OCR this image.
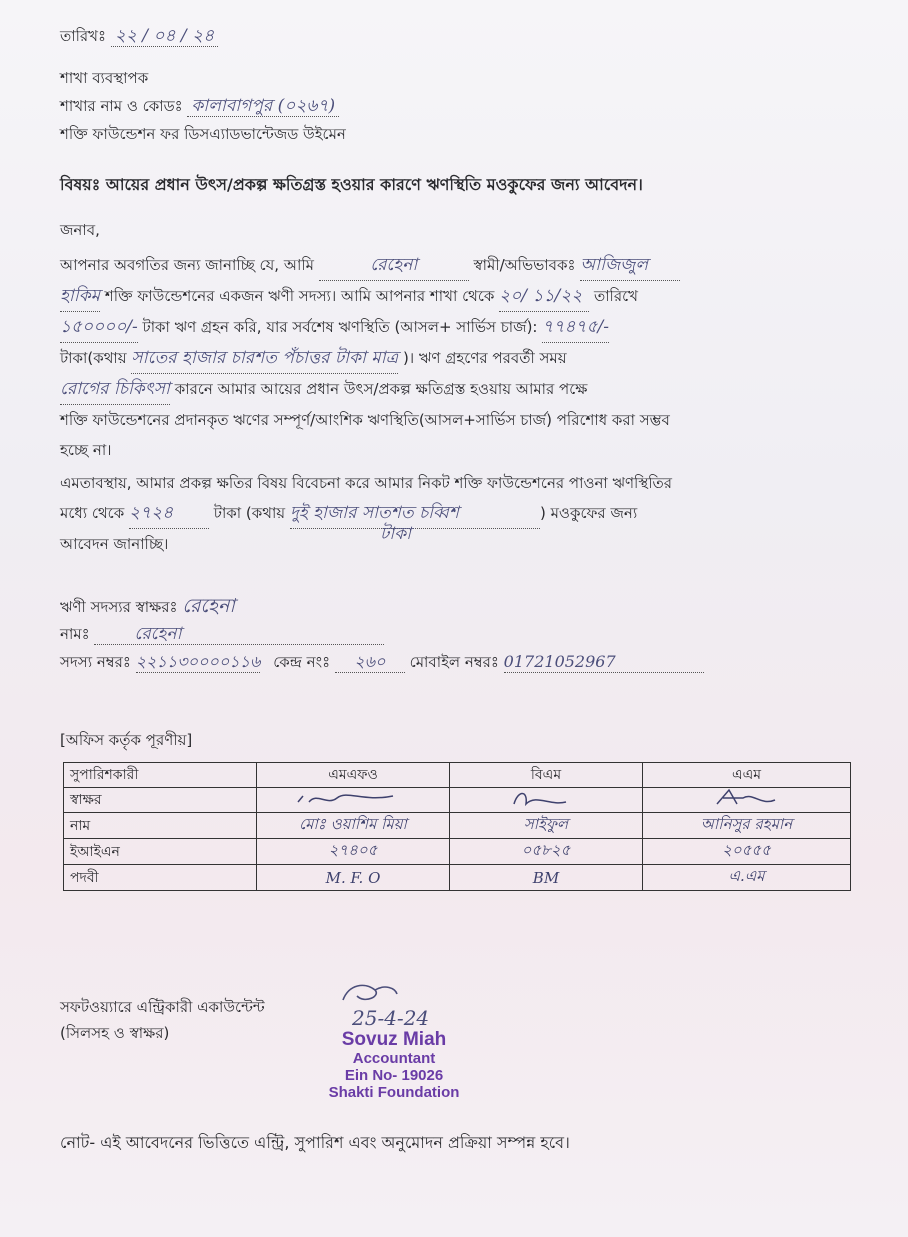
তারিখঃ ২২ / ০৪ / ২৪
শাখা ব্যবস্থাপক
শাখার নাম ও কোডঃ কালাবাগপুর (০২৬৭)
শক্তি ফাউন্ডেশন ফর ডিসএ্যাডভান্টেজড উইমেন
বিষয়ঃ আয়ের প্রধান উৎস/প্রকল্প ক্ষতিগ্রস্ত হওয়ার কারণে ঋণস্থিতি মওকুফের জন্য আবেদন।
জনাব,
আপনার অবগতির জন্য জানাচ্ছি যে, আমি	রেহেনা	স্বামী/অভিভাবকঃ আজিজুল
হাকিম শক্তি ফাউন্ডেশনের একজন ঋণী সদস্য। আমি আপনার শাখা থেকে ২০/ ১১/২২ তারিখে
১৫০০০০/- টাকা ঋণ গ্রহন করি, যার সর্বশেষ ঋণস্থিতি (আসল+ সার্ভিস চার্জ): ৭৭৪৭৫/-
টাকা(কথায় সাতের হাজার চারশত পঁচাত্তর টাকা মাত্র )। ঋণ গ্রহণের পরবর্তী সময়
রোগের চিকিৎসা কারনে আমার আয়ের প্রধান উৎস/প্রকল্প ক্ষতিগ্রস্ত হওয়ায় আমার পক্ষে
শক্তি ফাউন্ডেশনের প্রদানকৃত ঋণের সম্পূর্ণ/আংশিক ঋণস্থিতি(আসল+সার্ভিস চার্জ) পরিশোধ করা সম্ভব
হচ্ছে না।
এমতাবস্থায়, আমার প্রকল্প ক্ষতির বিষয় বিবেচনা করে আমার নিকট শক্তি ফাউন্ডেশনের পাওনা ঋণস্থিতির
মধ্যে থেকে ২৭২৪	টাকা (কথায় দুই হাজার সাতশত চব্বিশ	) মওকুফের জন্য
আবেদন জানাচ্ছি।	টাকা
ঋণী সদস্যর স্বাক্ষরঃ রেহেনা
নামঃ	রেহেনা
সদস্য নম্বরঃ ২২১১৩০০০০১১৬ কেন্দ্র নংঃ ২৬০ মোবাইল নম্বরঃ 01721052967
[অফিস কর্তৃক পূরণীয়]
সুপারিশকারী	এমএফও	বিএম	এএম
স্বাক্ষর			
নাম	মোঃ ওয়াশিম মিয়া	সাইফুল	আনিসুর রহমান
ইআইএন	২৭৪০৫	০৫৮২৫	২০৫৫৫
পদবী	M. F. O	BM	এ.এম
সফটওয়্যারে এন্ট্রিকারী একাউন্টেন্ট
(সিলসহ ও স্বাক্ষর)
25-4-24
Sovuz Miah
Accountant
Ein No- 19026
Shakti Foundation
নোট- এই আবেদনের ভিত্তিতে এন্ট্রি, সুপারিশ এবং অনুমোদন প্রক্রিয়া সম্পন্ন হবে।
